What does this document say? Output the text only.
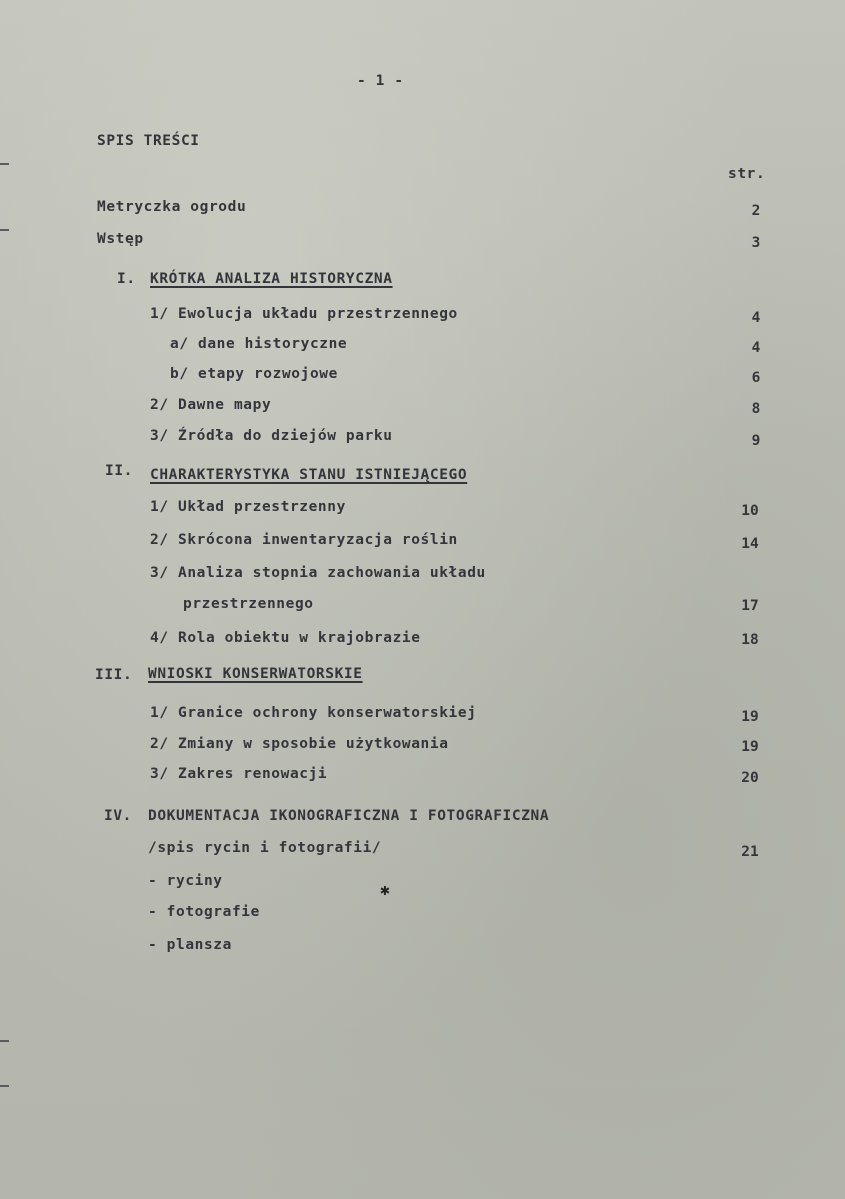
- 1 -
SPIS TREŚCI
str.
Metryczka ogrodu	2
Wstęp	3
I. KRÓTKA ANALIZA HISTORYCZNA
1/ Ewolucja układu przestrzennego	4
a/ dane historyczne	4
b/ etapy rozwojowe	6
2/ Dawne mapy	8
3/ Źródła do dziejów parku	9
II. CHARAKTERYSTYKA STANU ISTNIEJĄCEGO
1/ Układ przestrzenny	10
2/ Skrócona inwentaryzacja roślin	14
3/ Analiza stopnia zachowania układu
przestrzennego	17
4/ Rola obiektu w krajobrazie	18
III. WNIOSKI KONSERWATORSKIE
1/ Granice ochrony konserwatorskiej	19
2/ Zmiany w sposobie użytkowania	19
3/ Zakres renowacji	20
IV. DOKUMENTACJA IKONOGRAFICZNA I FOTOGRAFICZNA
/spis rycin i fotografii/	21
- ryciny
- fotografie
- plansza
✱
